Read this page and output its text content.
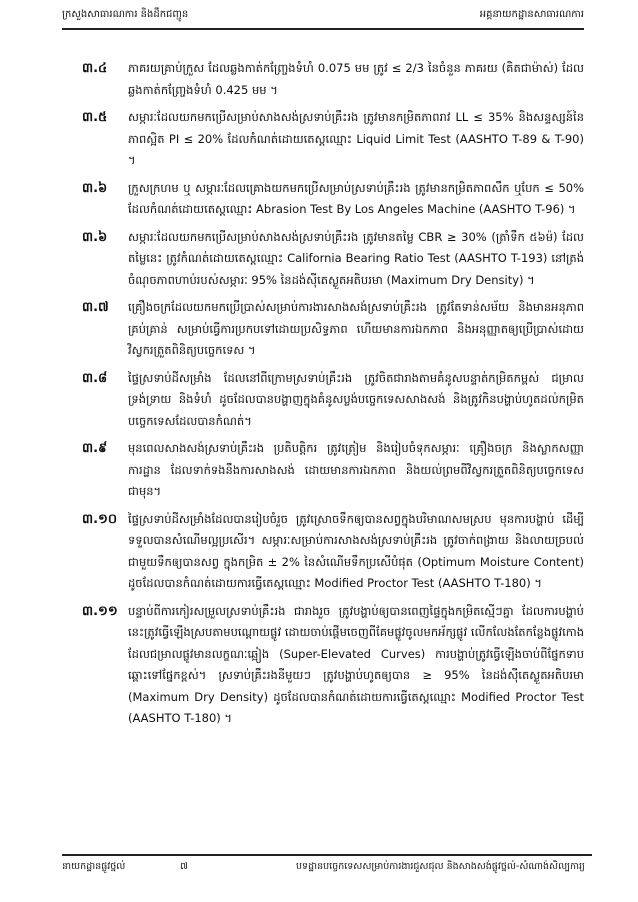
ក្រសួងសាធារណការ និងដឹកជញ្ជូន	អគ្គនាយកដ្ឋានសាធារណការ
៣.៤	ភាគរយគ្រាប់ក្រួស ដែលឆ្លងកាត់កញ្ច្រែងទំហំ 0.075 មម ត្រូវ ≤ 2/3 នៃចំនួន ភាគរយ (គិតជាម៉ាស់) ដែលឆ្លងកាត់កញ្ច្រែងទំហំ 0.425 មម ។
៣.៥	សម្ភារៈដែលយកមកប្រើសម្រាប់សាងសង់ស្រទាប់គ្រឹះរង ត្រូវមានកម្រិតភាពរាវ LL ≤ 35% និងសន្ទស្សន៍នៃភាពស្អិត PI ≤ 20% ដែលកំណត់ដោយតេស្តឈ្មោះ Liquid Limit Test (AASHTO T-89 & T-90) ។
៣.៦	ក្រួសក្រហម ឬ សម្ភារៈដែលគ្រោងយកមកប្រើសម្រាប់ស្រទាប់គ្រឹះរង ត្រូវមានកម្រិតភាពសឹក ឬបែក ≤ 50% ដែលកំណត់ដោយតេស្តឈ្មោះ Abrasion Test By Los Angeles Machine (AASHTO T-96) ។
៣.៦	សម្ភារៈដែលយកមកប្រើសម្រាប់សាងសង់ស្រទាប់គ្រឹះរង ត្រូវមានតម្លៃ CBR ≥ 30% (ត្រាំទឹក ៥៦ម៉) ដែលតម្លៃនេះ ត្រូវកំណត់ដោយតេស្តឈ្មោះ California Bearing Ratio Test (AASHTO T-193) នៅត្រង់ចំណុចភាពហាប់របស់សម្ភារៈ 95% នៃដង់ស៊ីតេស្ងួតអតិបរមា (Maximum Dry Density) ។
៣.៧	គ្រឿងចក្រដែលយកមកប្រើប្រាស់សម្រាប់ការងារសាងសង់ស្រទាប់គ្រឹះរង ត្រូវតែទាន់សម័យ និងមានអនុភាពគ្រប់គ្រាន់ សម្រាប់ធ្វើការប្រកបទៅដោយប្រសិទ្ធភាព ហើយមានការឯកភាព និងអនុញ្ញាតឲ្យប្រើប្រាស់ដោយវិស្វករត្រួតពិនិត្យបច្ចេកទេស ។
៣.៨	ផ្ទៃស្រទាប់ដីសម្រាំង ដែលនៅពីក្រោមស្រទាប់គ្រឹះរង ត្រូវចិតជារាងតាមគំនូសបន្ទាត់កម្រិតកម្ពស់ ជម្រាល ទ្រង់ទ្រាយ និងទំហំ ដូចដែលបានបង្ហាញក្នុងគំនូសប្លង់បច្ចេកទេសសាងសង់ និងត្រូវកិនបង្ហាប់ហូតដល់កម្រិតបច្ចេកទេសដែលបានកំណត់។
៣.៩	មុនពេលសាងសង់ស្រទាប់គ្រឹះរង ប្រតិបត្តិករ ត្រូវត្រៀម និងរៀបចំទុកសម្ភារៈ គ្រឿងចក្រ និងស្លាកសញ្ញាការដ្ឋាន ដែលទាក់ទងនឹងការសាងសង់ ដោយមានការឯកភាព និងយល់ព្រមពីវិស្វករត្រួតពិនិត្យបច្ចេកទេសជាមុន។
៣.១០ ផ្ទៃស្រទាប់ដីសម្រាំងដែលបានរៀបចំរួច ត្រូវស្រោចទឹកឲ្យបានសព្វក្នុងបរិមាណសមស្រប មុនការបង្ហាប់ ដើម្បីទទួលបានសំណើមល្អប្រសើរ។ សម្ភារៈសម្រាប់ការសាងសង់ស្រទាប់គ្រឹះរង ត្រូវចាក់ពង្រាយ និងលាយច្របល់ជាមួយទឹកឲ្យបានសព្វ ក្នុងកម្រិត ± 2% នៃសំណើមទឹកប្រសើបំផុត (Optimum Moisture Content) ដូចដែលបានកំណត់ដោយការធ្វើតេស្តឈ្មោះ Modified Proctor Test (AASHTO T-180) ។
៣.១១ បន្ទាប់ពីការកៀរសម្រួលស្រទាប់គ្រឹះរង ជារាងរួច ត្រូវបង្ហាប់ឲ្យបានពេញផ្ទៃក្នុងកម្រិតស្មើៗគ្នា ដែលការបង្ហាប់នេះត្រូវធ្វើឡើងស្របតាមបណ្ដោយផ្លូវ ដោយចាប់ផ្ដើមចេញពីគែមផ្លូវចូលមកអ័ក្សផ្លូវ លើកលែងតែកន្លែងផ្លូវកោងដែលជម្រាលផ្លូវមានលក្ខណៈឆ្អៀង (Super-Elevated Curves) ការបង្ហាប់ត្រូវធ្វើឡើងចាប់ពីផ្នែកទាបឆ្ពោះទៅផ្នែកខ្ពស់។ ស្រទាប់គ្រឹះរងនីមួយៗ ត្រូវបង្ហាប់ហូតឲ្យបាន ≥ 95% នៃដង់ស៊ីតេស្ងួតអតិបរមា (Maximum Dry Density) ដូចដែលបានកំណត់ដោយការធ្វើតេស្តឈ្មោះ Modified Proctor Test (AASHTO T-180) ។
នាយកដ្ឋានផ្លូវថ្នល់	៧	បទដ្ឋានបច្ចេកទេសសម្រាប់ការងារជួសជុល និងសាងសង់ផ្លូវថ្នល់-សំណាង់សិល្បការ្យ
